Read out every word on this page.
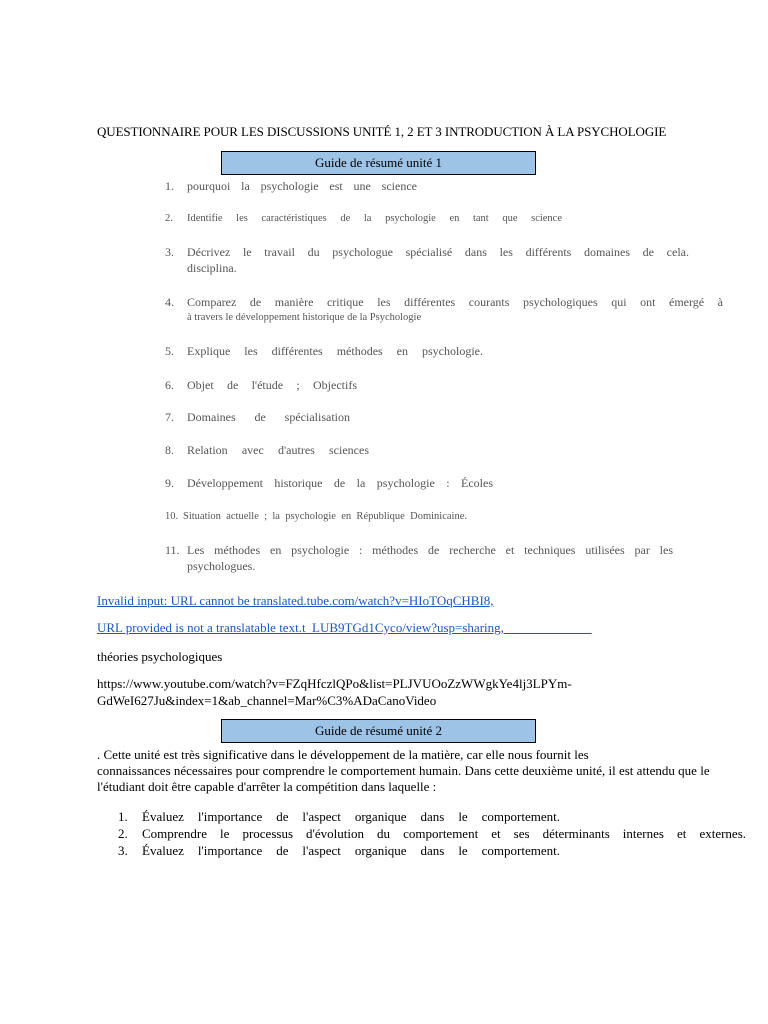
QUESTIONNAIRE POUR LES DISCUSSIONS UNITÉ 1, 2 ET 3 INTRODUCTION À LA PSYCHOLOGIE
Guide de résumé unité 1
1.	pourquoi la psychologie est une science
2.	Identifie les caractéristiques de la psychologie en tant que science
3.	Décrivez le travail du psychologue spécialisé dans les différents domaines de cela.
disciplina.
4.	Comparez de manière critique les différentes courants psychologiques qui ont émergé à
à travers le développement historique de la Psychologie
5.	Explique les différentes méthodes en psychologie.
6.	Objet de l'étude ; Objectifs
7.	Domaines de spécialisation
8.	Relation avec d'autres sciences
9.	Développement historique de la psychologie : Écoles
10. Situation actuelle ; la psychologie en République Dominicaine.
11. Les méthodes en psychologie : méthodes de recherche et techniques utilisées par les
psychologues.
Invalid input: URL cannot be translated.tube.com/watch?v=HIoTOqCHBI8,
URL provided is not a translatable text.t_LUB9TGd1Cyco/view?usp=sharing, _____________
théories psychologiques
https://www.youtube.com/watch?v=FZqHfczlQPo&list=PLJVUOoZzWWgkYe4lj3LPYm-
GdWeI627Ju&index=1&ab_channel=Mar%C3%ADaCanoVideo
Guide de résumé unité 2
. Cette unité est très significative dans le développement de la matière, car elle nous fournit les
connaissances nécessaires pour comprendre le comportement humain. Dans cette deuxième unité, il est attendu que le
l'étudiant doit être capable d'arrêter la compétition dans laquelle :
1. Évaluez l'importance de l'aspect organique dans le comportement.
2. Comprendre le processus d'évolution du comportement et ses déterminants internes et externes.
3. Évaluez l'importance de l'aspect organique dans le comportement.
